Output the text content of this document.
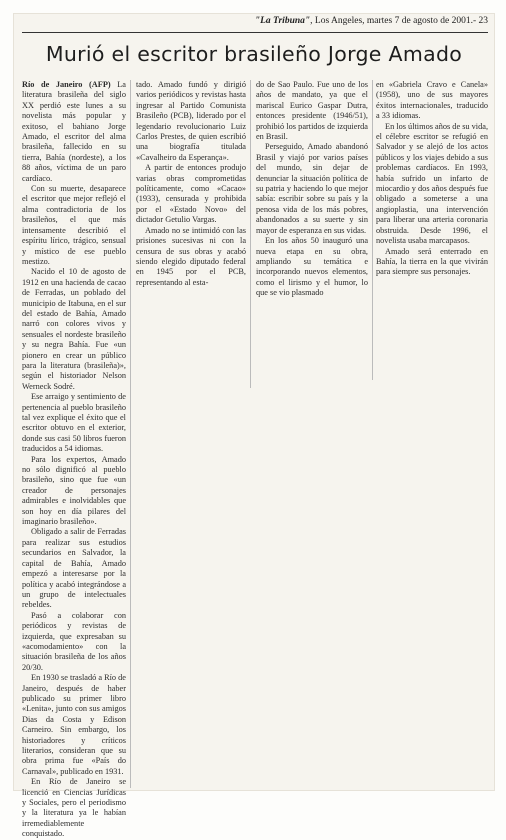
"La Tribuna", Los Angeles, martes 7 de agosto de 2001.- 23
Murió el escritor brasileño Jorge Amado

Río de Janeiro (AFP) La literatura brasileña del siglo XX perdió este lunes a su novelista más popular y exitoso, el bahiano Jorge Amado, el escritor del alma brasileña, fallecido en su tierra, Bahía (nordeste), a los 88 años, víctima de un paro cardíaco.

Con su muerte, desaparece el escritor que mejor reflejó el alma contradictoria de los brasileños, el que más intensamente describió el espíritu lírico, trágico, sensual y místico de ese pueblo mestizo.

Nacido el 10 de agosto de 1912 en una hacienda de cacao de Ferradas, un poblado del municipio de Itabuna, en el sur del estado de Bahía, Amado narró con colores vivos y sensuales el nordeste brasileño y su negra Bahía. Fue «un pionero en crear un público para la literatura (brasileña)», según el historiador Nelson Werneck Sodré.

Ese arraigo y sentimiento de pertenencia al pueblo brasileño tal vez explique el éxito que el escritor obtuvo en el exterior, donde sus casi 50 libros fueron traducidos a 54 idiomas.

Para los expertos, Amado no sólo dignificó al pueblo brasileño, sino que fue «un creador de personajes admirables e inolvidables que son hoy en día pilares del imaginario brasileño».

Obligado a salir de Ferradas para realizar sus estudios secundarios en Salvador, la capital de Bahía, Amado empezó a interesarse por la política y acabó integrándose a un grupo de intelectuales rebeldes.

Pasó a colaborar con periódicos y revistas de izquierda, que expresaban su «acomodamiento» con la situación brasileña de los años 20/30.

En 1930 se trasladó a Río de Janeiro, después de haber publicado su primer libro «Lenita», junto con sus amigos Dias da Costa y Edison Carneiro. Sin embargo, los historiadores y críticos literarios, consideran que su obra prima fue «País do Carnaval», publicado en 1931.

En Río de Janeiro se licenció en Ciencias Jurídicas y Sociales, pero el periodismo y la literatura ya le habían irremediablemente conquistado.

tado. Amado fundó y dirigió varios periódicos y revistas hasta ingresar al Partido Comunista Brasileño (PCB), liderado por el legendario revolucionario Luiz Carlos Prestes, de quien escribió una biografía titulada «Cavalheiro da Esperança».

A partir de entonces produjo varias obras comprometidas políticamente, como «Cacao» (1933), censurada y prohibida por el «Estado Novo» del dictador Getulio Vargas.

Amado no se intimidó con las prisiones sucesivas ni con la censura de sus obras y acabó siendo elegido diputado federal en 1945 por el PCB, representando al esta-

do de Sao Paulo. Fue uno de los años de mandato, ya que el mariscal Eurico Gaspar Dutra, entonces presidente (1946/51), prohibió los partidos de izquierda en Brasil.

Perseguido, Amado abandonó Brasil y viajó por varios países del mundo, sin dejar de denunciar la situación política de su patria y haciendo lo que mejor sabía: escribir sobre su país y la penosa vida de los más pobres, abandonados a su suerte y sin mayor de esperanza en sus vidas.

En los años 50 inauguró una nueva etapa en su obra, ampliando su temática e incorporando nuevos elementos, como el lirismo y el humor, lo que se vio plasmado

en «Gabriela Cravo e Canela» (1958), uno de sus mayores éxitos internacionales, traducido a 33 idiomas.

En los últimos años de su vida, el célebre escritor se refugió en Salvador y se alejó de los actos públicos y los viajes debido a sus problemas cardíacos. En 1993, había sufrido un infarto de miocardio y dos años después fue obligado a someterse a una angioplastia, una intervención para liberar una arteria coronaria obstruida. Desde 1996, el novelista usaba marcapasos.

Amado será enterrado en Bahía, la tierra en la que vivirán para siempre sus personajes.
